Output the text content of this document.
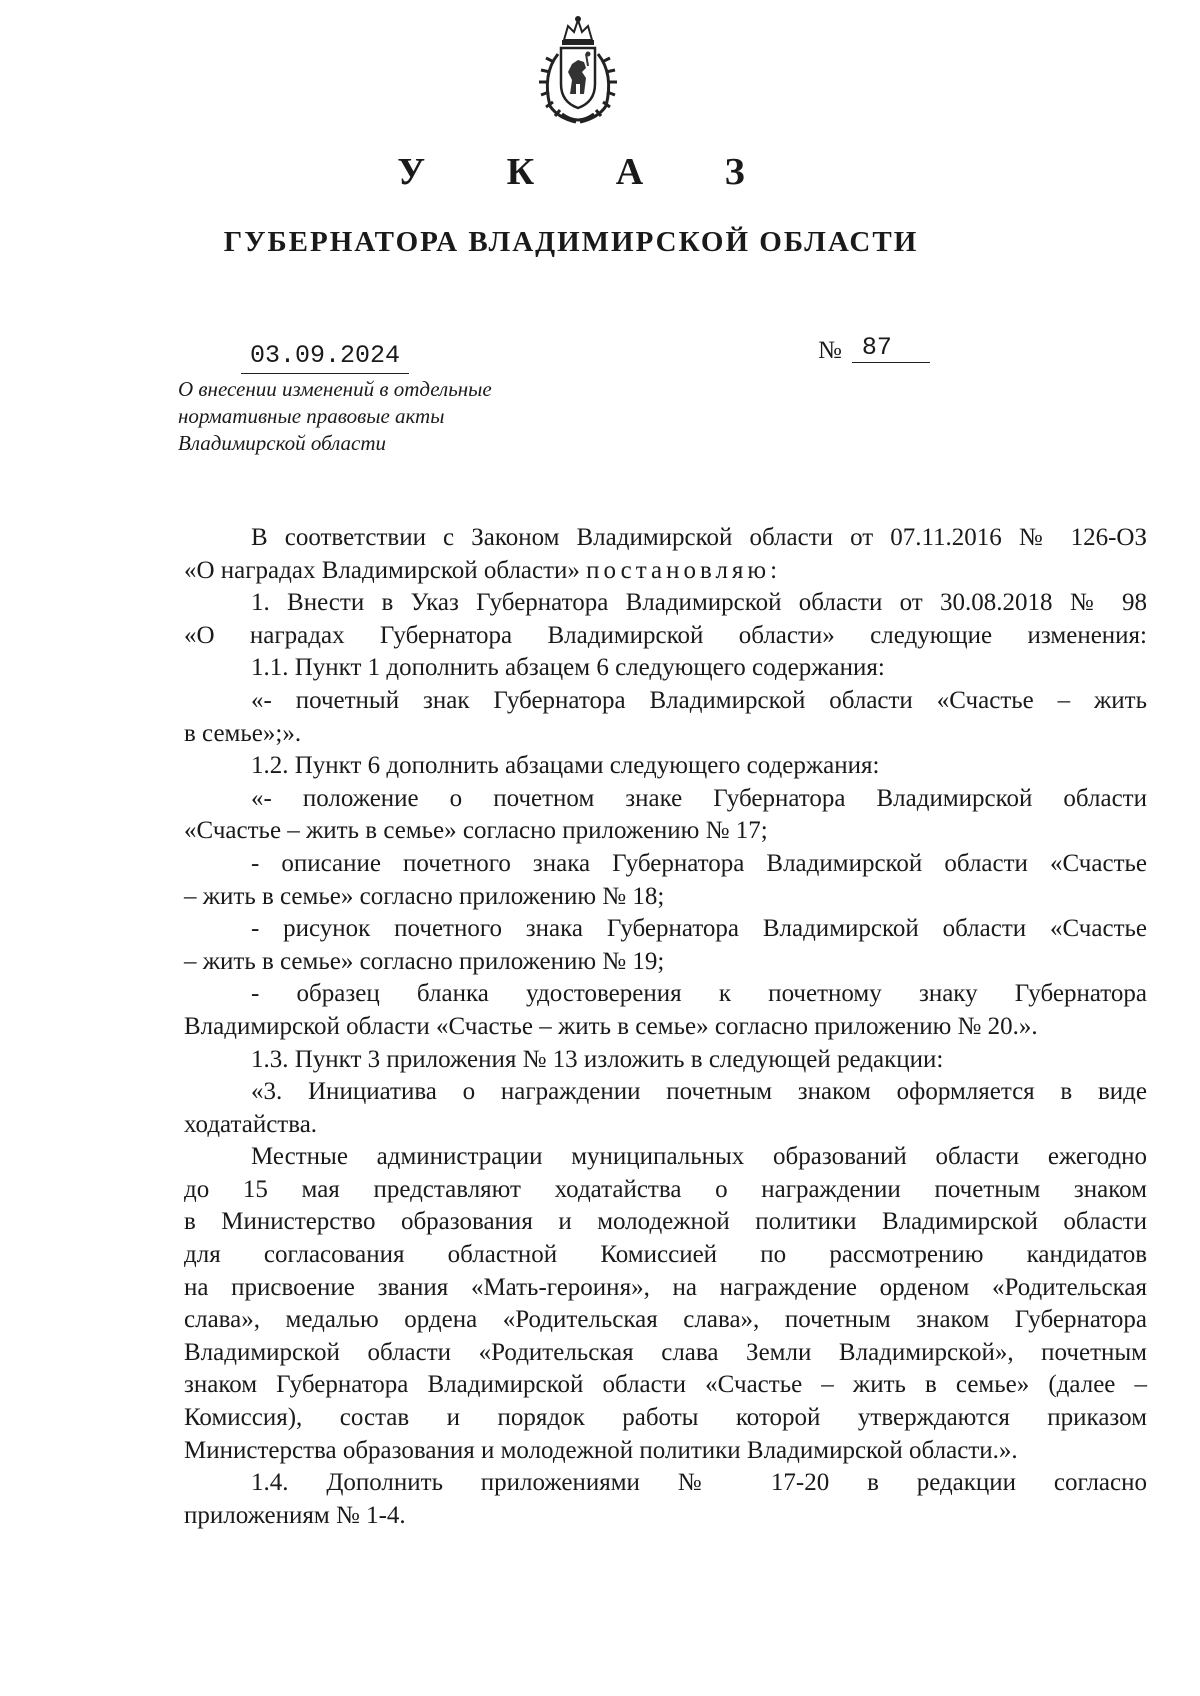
У К А З
ГУБЕРНАТОРА ВЛАДИМИРСКОЙ ОБЛАСТИ
03.09.2024	№ 87
О внесении изменений в отдельные
нормативные правовые акты
Владимирской области
В соответствии с Законом Владимирской области от 07.11.2016 № 126-ОЗ
«О наградах Владимирской области» постановляю:
1. Внести в Указ Губернатора Владимирской области от 30.08.2018 № 98
«О наградах Губернатора Владимирской области» следующие изменения:
1.1. Пункт 1 дополнить абзацем 6 следующего содержания:
«- почетный знак Губернатора Владимирской области «Счастье – жить
в семье»;».
1.2. Пункт 6 дополнить абзацами следующего содержания:
«- положение о почетном знаке Губернатора Владимирской области
«Счастье – жить в семье» согласно приложению № 17;
- описание почетного знака Губернатора Владимирской области «Счастье
– жить в семье» согласно приложению № 18;
- рисунок почетного знака Губернатора Владимирской области «Счастье
– жить в семье» согласно приложению № 19;
- образец бланка удостоверения к почетному знаку Губернатора
Владимирской области «Счастье – жить в семье» согласно приложению № 20.».
1.3. Пункт 3 приложения № 13 изложить в следующей редакции:
«3. Инициатива о награждении почетным знаком оформляется в виде
ходатайства.
Местные администрации муниципальных образований области ежегодно
до 15 мая представляют ходатайства о награждении почетным знаком
в Министерство образования и молодежной политики Владимирской области
для согласования областной Комиссией по рассмотрению кандидатов
на присвоение звания «Мать-героиня», на награждение орденом «Родительская
слава», медалью ордена «Родительская слава», почетным знаком Губернатора
Владимирской области «Родительская слава Земли Владимирской», почетным
знаком Губернатора Владимирской области «Счастье – жить в семье» (далее –
Комиссия), состав и порядок работы которой утверждаются приказом
Министерства образования и молодежной политики Владимирской области.».
1.4. Дополнить приложениями № 17-20 в редакции согласно
приложениям № 1-4.
